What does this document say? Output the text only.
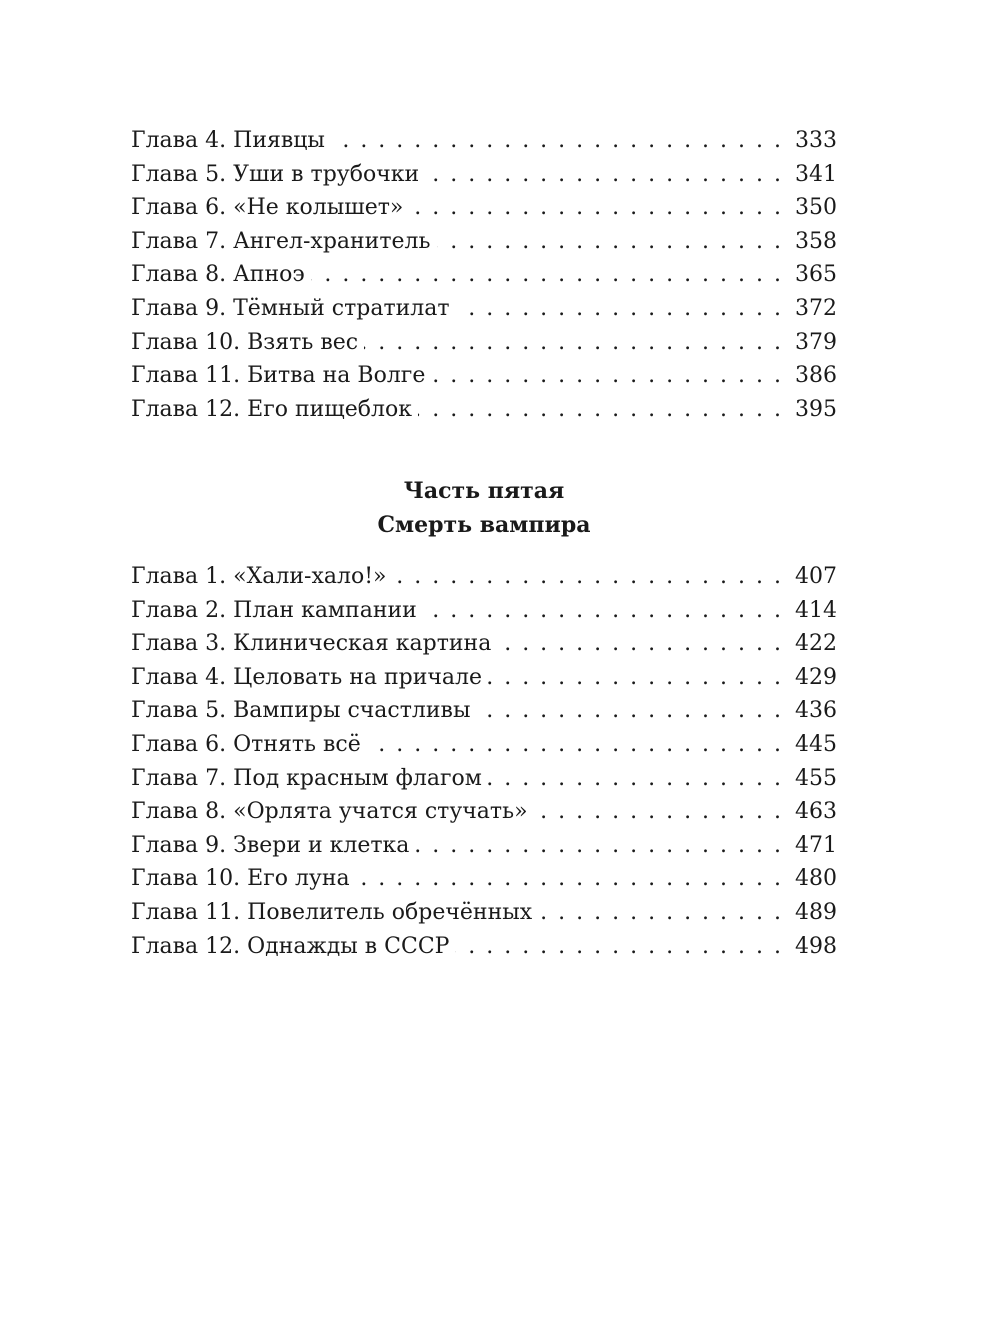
Глава 4. Пиявцы . . .	333
Глава 5. Уши в трубочки . . .	341
Глава 6. «Не колышет» . . .	350
Глава 7. Ангел-хранитель . . .	358
Глава 8. Апноэ . . .	365
Глава 9. Тёмный стратилат . . .	372
Глава 10. Взять вес . . .	379
Глава 11. Битва на Волге . . .	386
Глава 12. Его пищеблок . . .	395
Часть пятая
Смерть вампира
Глава 1. «Хали-хало!» . . .	407
Глава 2. План кампании . . .	414
Глава 3. Клиническая картина . . .	422
Глава 4. Целовать на причале . . .	429
Глава 5. Вампиры счастливы . . .	436
Глава 6. Отнять всё . . .	445
Глава 7. Под красным флагом . . .	455
Глава 8. «Орлята учатся стучать» . . .	463
Глава 9. Звери и клетка . . .	471
Глава 10. Его луна . . .	480
Глава 11. Повелитель обречённых . . .	489
Глава 12. Однажды в СССР . . .	498
